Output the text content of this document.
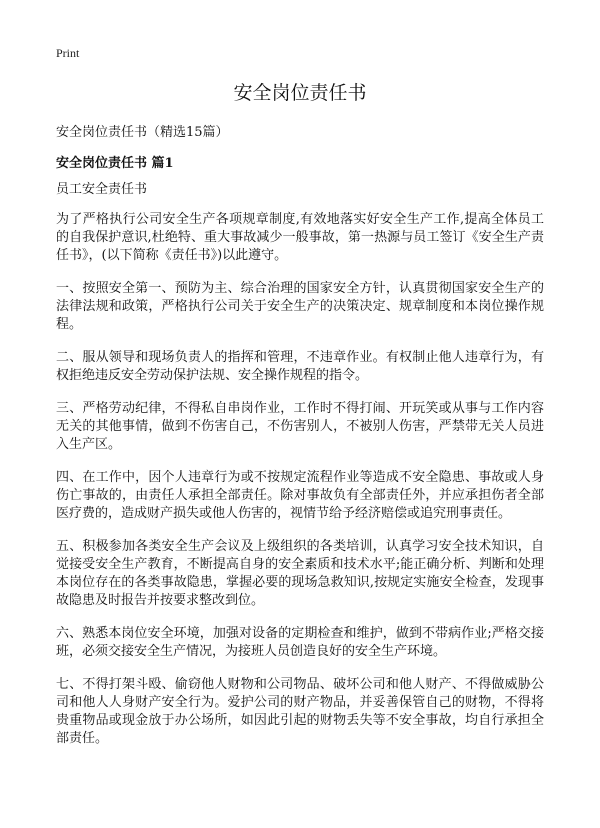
Print
安全岗位责任书

安全岗位责任书（精选15篇）

安全岗位责任书 篇1

员工安全责任书

为了严格执行公司安全生产各项规章制度,有效地落实好安全生产工作,提高全体员工的自我保护意识,杜绝特、重大事故减少一般事故，第一热源与员工签订《安全生产责任书》，(以下简称《责任书》)以此遵守。

一、按照安全第一、预防为主、综合治理的国家安全方针，认真贯彻国家安全生产的法律法规和政策，严格执行公司关于安全生产的决策决定、规章制度和本岗位操作规程。

二、服从领导和现场负责人的指挥和管理，不违章作业。有权制止他人违章行为，有权拒绝违反安全劳动保护法规、安全操作规程的指令。

三、严格劳动纪律，不得私自串岗作业，工作时不得打闹、开玩笑或从事与工作内容无关的其他事情，做到不伤害自己，不伤害别人，不被别人伤害，严禁带无关人员进入生产区。

四、在工作中，因个人违章行为或不按规定流程作业等造成不安全隐患、事故或人身伤亡事故的，由责任人承担全部责任。除对事故负有全部责任外，并应承担伤者全部医疗费的，造成财产损失或他人伤害的，视情节给予经济赔偿或追究刑事责任。

五、积极参加各类安全生产会议及上级组织的各类培训，认真学习安全技术知识，自觉接受安全生产教育，不断提高自身的安全素质和技术水平;能正确分析、判断和处理本岗位存在的各类事故隐患，掌握必要的现场急救知识,按规定实施安全检查，发现事故隐患及时报告并按要求整改到位。

六、熟悉本岗位安全环境，加强对设备的定期检查和维护，做到不带病作业;严格交接班，必须交接安全生产情况，为接班人员创造良好的安全生产环境。

七、不得打架斗殴、偷窃他人财物和公司物品、破坏公司和他人财产、不得做威胁公司和他人人身财产安全行为。爱护公司的财产物品，并妥善保管自己的财物，不得将贵重物品或现金放于办公场所，如因此引起的财物丢失等不安全事故，均自行承担全部责任。
